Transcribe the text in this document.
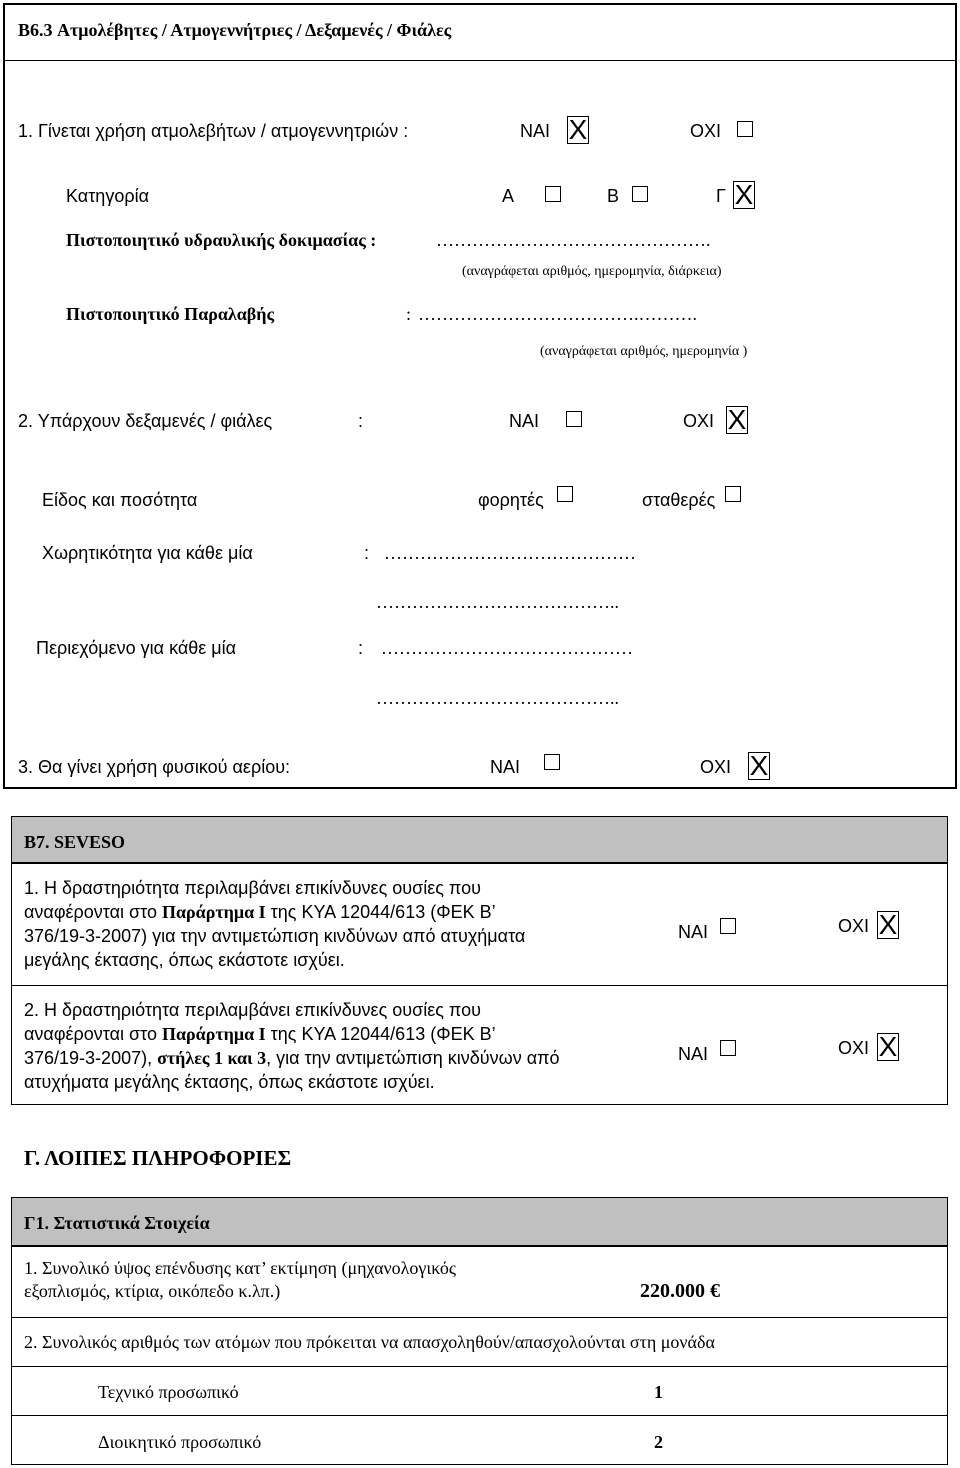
B6.3 Ατμολέβητες / Ατμογεννήτριες / Δεξαμενές / Φιάλες
1. Γίνεται χρήση ατμολεβήτων / ατμογεννητριών :	ΝΑΙ X	ΟΧΙ
Κατηγορία	Α	Β	Γ X
Πιστοποιητικό υδραυλικής δοκιμασίας :	……………………………………….
(αναγράφεται αριθμός, ημερομηνία, διάρκεια)
Πιστοποιητικό Παραλαβής	: ……………………………….……….
(αναγράφεται αριθμός, ημερομηνία )
2. Υπάρχουν δεξαμενές / φιάλες	:	ΝΑΙ	ΟΧΙ X
Είδος και ποσότητα	φορητές	σταθερές
Χωρητικότητα για κάθε μία	: ……………………………………
…………………………………..
Περιεχόμενο για κάθε μία	: ……………………………………
…………………………………..
3. Θα γίνει χρήση φυσικού αερίου:	ΝΑΙ	ΟΧΙ X
B7. SEVESO
1. Η δραστηριότητα περιλαμβάνει επικίνδυνες ουσίες που
αναφέρονται στο Παράρτημα Ι της ΚΥΑ 12044/613 (ΦΕΚ Β’
376/19-3-2007) για την αντιμετώπιση κινδύνων από ατυχήματα
μεγάλης έκτασης, όπως εκάστοτε ισχύει.
ΝΑΙ	ΟΧΙ X
2. Η δραστηριότητα περιλαμβάνει επικίνδυνες ουσίες που
αναφέρονται στο Παράρτημα Ι της ΚΥΑ 12044/613 (ΦΕΚ Β’
376/19-3-2007), στήλες 1 και 3, για την αντιμετώπιση κινδύνων από
ατυχήματα μεγάλης έκτασης, όπως εκάστοτε ισχύει.
ΝΑΙ	ΟΧΙ X
Γ. ΛΟΙΠΕΣ ΠΛΗΡΟΦΟΡΙΕΣ
Γ1. Στατιστικά Στοιχεία
1. Συνολικό ύψος επένδυσης κατ’ εκτίμηση (μηχανολογικός
εξοπλισμός, κτίρια, οικόπεδο κ.λπ.)	220.000 €
2. Συνολικός αριθμός των ατόμων που πρόκειται να απασχοληθούν/απασχολούνται στη μονάδα
Τεχνικό προσωπικό	1
Διοικητικό προσωπικό	2
